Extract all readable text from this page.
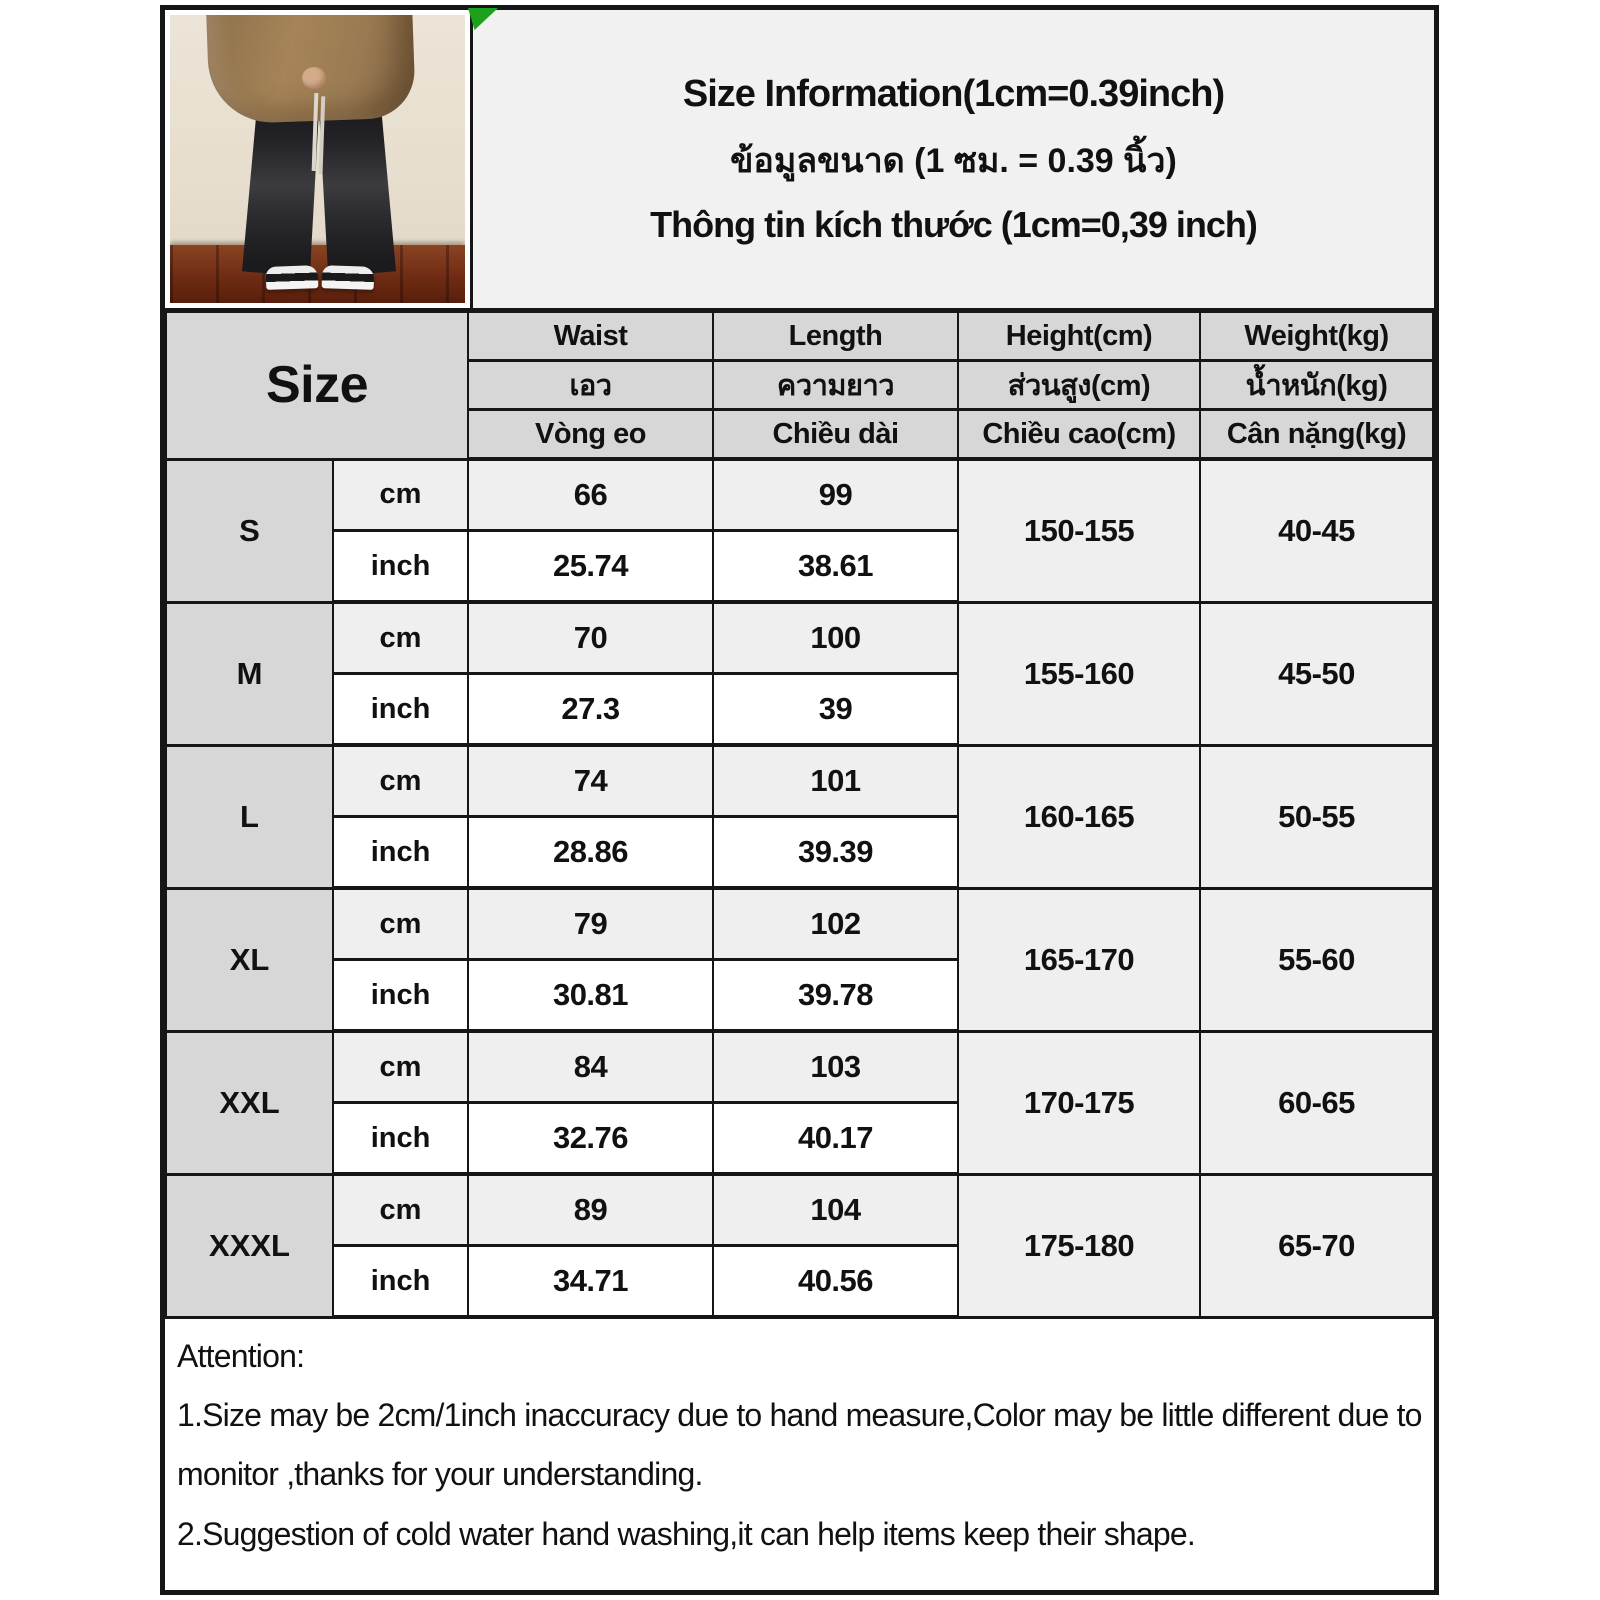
Size Information(1cm=0.39inch)
ข้อมูลขนาด (1 ซม. = 0.39 นิ้ว)
Thông tin kích thước (1cm=0,39 inch)
Size		Waist	Length	Height(cm)	Weight(kg)
		เอว	ความยาว	ส่วนสูง(cm)	น้ำหนัก(kg)
		Vòng eo	Chiều dài	Chiều cao(cm)	Cân nặng(kg)
S	cm	66	99	150-155	40-45
	inch	25.74	38.61		
M	cm	70	100	155-160	45-50
	inch	27.3	39		
L	cm	74	101	160-165	50-55
	inch	28.86	39.39		
XL	cm	79	102	165-170	55-60
	inch	30.81	39.78		
XXL	cm	84	103	170-175	60-65
	inch	32.76	40.17		
XXXL	cm	89	104	175-180	65-70
	inch	34.71	40.56		
Attention:
1.Size may be 2cm/1inch inaccuracy due to hand measure,Color may be little different due to monitor ,thanks for your understanding.
2.Suggestion of cold water hand washing,it can help items keep their shape.
